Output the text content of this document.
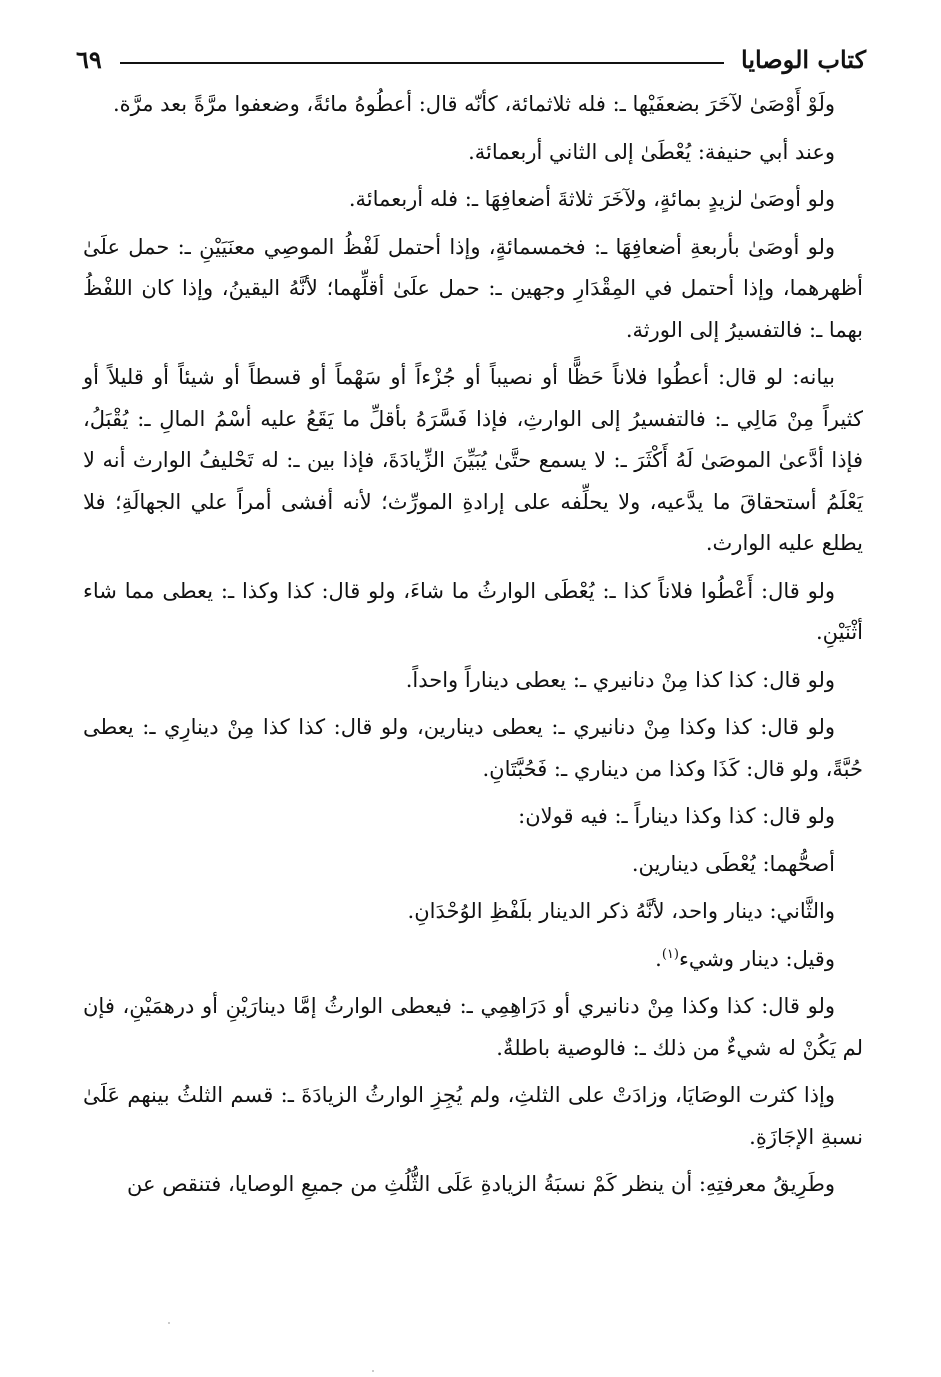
كتاب الوصايا
٦٩

ولَوْ أَوْصَىٰ لآخَرَ بضعفَيْها ـ: فله ثلاثمائة، كأنّه قال: أعطُوهُ مائةً، وضعفوا مرَّةً بعد مرَّة.

وعند أبي حنيفة: يُعْطَىٰ إلى الثاني أربعمائة.

ولو أوصَىٰ لزيدٍ بمائةٍ، ولآخَرَ ثلاثةَ أضعافِهَا ـ: فله أربعمائة.

ولو أوصَىٰ بأربعةِ أضعافِهَا ـ: فخمسمائةٍ، وإذا أحتمل لَفْظُ الموصِي معنَيَيْنِ ـ: حمل علَىٰ أظهرهما، وإذا أحتمل في المِقْدَارِ وجهين ـ: حمل علَىٰ أقلِّهما؛ لأنَّهُ اليقينُ، وإذا كان اللفْظُ بهما ـ: فالتفسيرُ إلى الورثة.

بيانه: لو قال: أعطُوا فلاناً حَظًّا أو نصيباً أو جُزْءاً أو سَهْماً أو قسطاً أو شيئاً أو قليلاً أو كثيراً مِنْ مَالِي ـ: فالتفسيرُ إلى الوارثِ، فإذا فَسَّرَهُ بأقلِّ ما يَقَعُ عليه أسْمُ المالِ ـ: يُقْبَلُ، فإذا أدَّعىٰ الموصَىٰ لَهُ أَكْثَرَ ـ: لا يسمع حتَّىٰ يُبَيِّنَ الزِّيادَةَ، فإذا بين ـ: له تَحْليفُ الوارث أنه لا يَعْلَمُ أستحقاقَ ما يدَّعيه، ولا يحلِّفه على إرادةِ المورِّث؛ لأنه أفشى أمراً علي الجهالَةِ؛ فلا يطلع عليه الوارث.

ولو قال: أَعْطُوا فلاناً كذا ـ: يُعْطَى الوارثُ ما شاءَ، ولو قال: كذا وكذا ـ: يعطى مما شاء أثْنَيْنِ.

ولو قال: كذا كذا مِنْ دنانيري ـ: يعطى ديناراً واحداً.

ولو قال: كذا وكذا مِنْ دنانيري ـ: يعطى دينارين، ولو قال: كذا كذا مِنْ دينارِي ـ: يعطى حُبَّةً، ولو قال: كَذَا وكذا من ديناري ـ: فَحُبَّتَانِ.

ولو قال: كذا وكذا ديناراً ـ: فيه قولان:

أصحُّهما: يُعْطَى دينارين.

والثَّاني: دينار واحد، لأنَّهُ ذكر الدينار بلَفْظِ الوُحْدَانِ.

وقيل: دينار وشيء$^{(١)}$.

ولو قال: كذا وكذا مِنْ دنانيري أو دَرَاهِمِي ـ: فيعطى الوارثُ إمَّا دينارَيْنِ أو درهمَيْنِ، فإن لم يَكُنْ له شيءٌ من ذلك ـ: فالوصية باطلةٌ.

وإذا كثرت الوصَايَا، وزادَتْ على الثلثِ، ولم يُجِزِ الوارثُ الزيادَةَ ـ: قسم الثلثُ بينهم عَلَىٰ نسبةِ الإجَازَةِ.

وطَرِيقُ معرفتِهِ: أن ينظر كَمْ نسبَةُ الزيادةِ عَلَى الثُّلُثِ من جميعِ الوصايا، فتنقص عن
